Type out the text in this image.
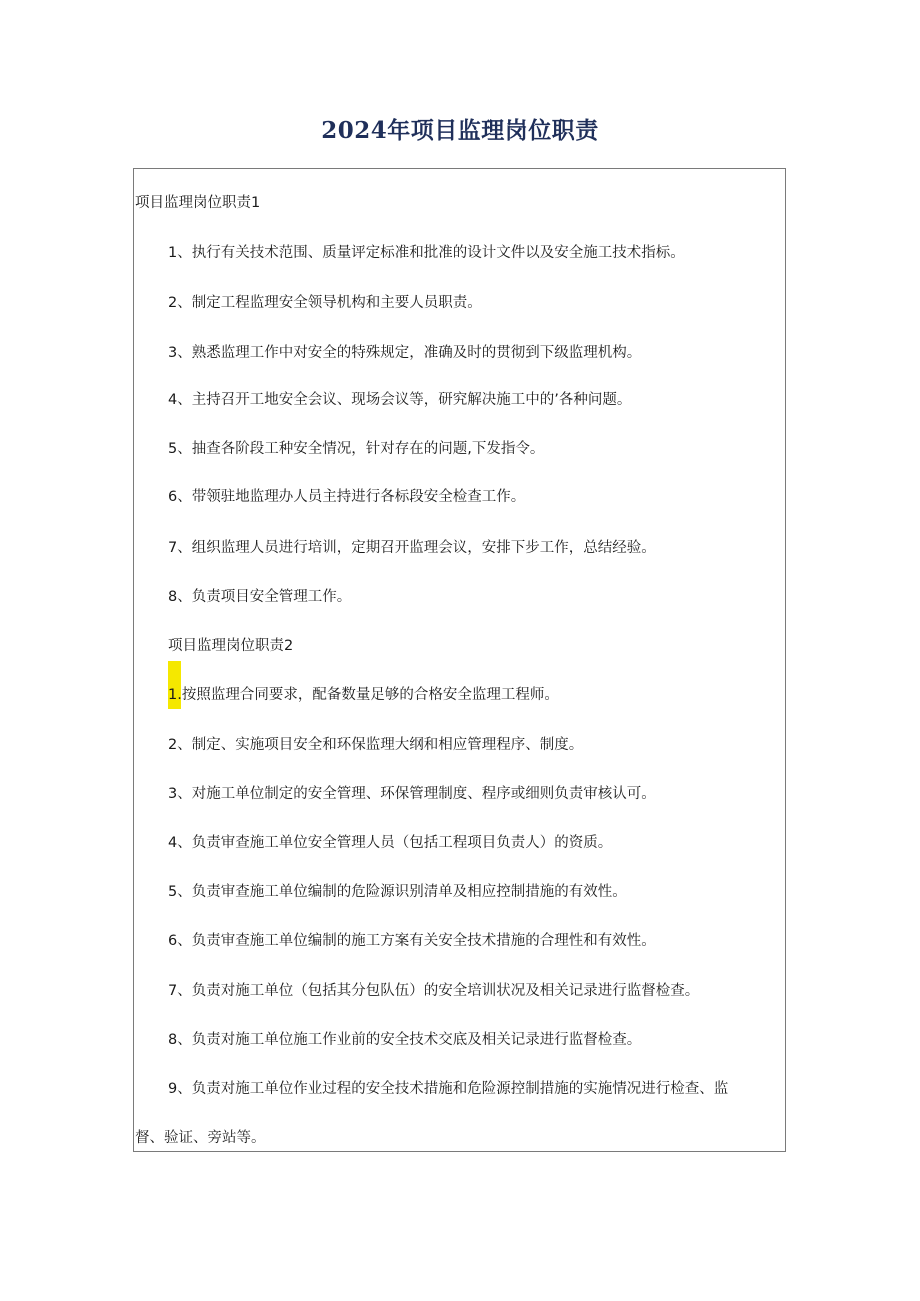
2024年项目监理岗位职责
项目监理岗位职责1
1、执行有关技术范围、质量评定标准和批准的设计文件以及安全施工技术指标。
2、制定工程监理安全领导机构和主要人员职责。
3、熟悉监理工作中对安全的特殊规定，准确及时的贯彻到下级监理机构。
4、主持召开工地安全会议、现场会议等，研究解决施工中的’各种问题。
5、抽查各阶段工种安全情况，针对存在的问题,下发指令。
6、带领驻地监理办人员主持进行各标段安全检查工作。
7、组织监理人员进行培训，定期召开监理会议，安排下步工作，总结经验。
8、负责项目安全管理工作。
项目监理岗位职责2
1.按照监理合同要求，配备数量足够的合格安全监理工程师。
2、制定、实施项目安全和环保监理大纲和相应管理程序、制度。
3、对施工单位制定的安全管理、环保管理制度、程序或细则负责审核认可。
4、负责审查施工单位安全管理人员（包括工程项目负责人）的资质。
5、负责审查施工单位编制的危险源识别清单及相应控制措施的有效性。
6、负责审查施工单位编制的施工方案有关安全技术措施的合理性和有效性。
7、负责对施工单位（包括其分包队伍）的安全培训状况及相关记录进行监督检查。
8、负责对施工单位施工作业前的安全技术交底及相关记录进行监督检查。
9、负责对施工单位作业过程的安全技术措施和危险源控制措施的实施情况进行检查、监
督、验证、旁站等。
